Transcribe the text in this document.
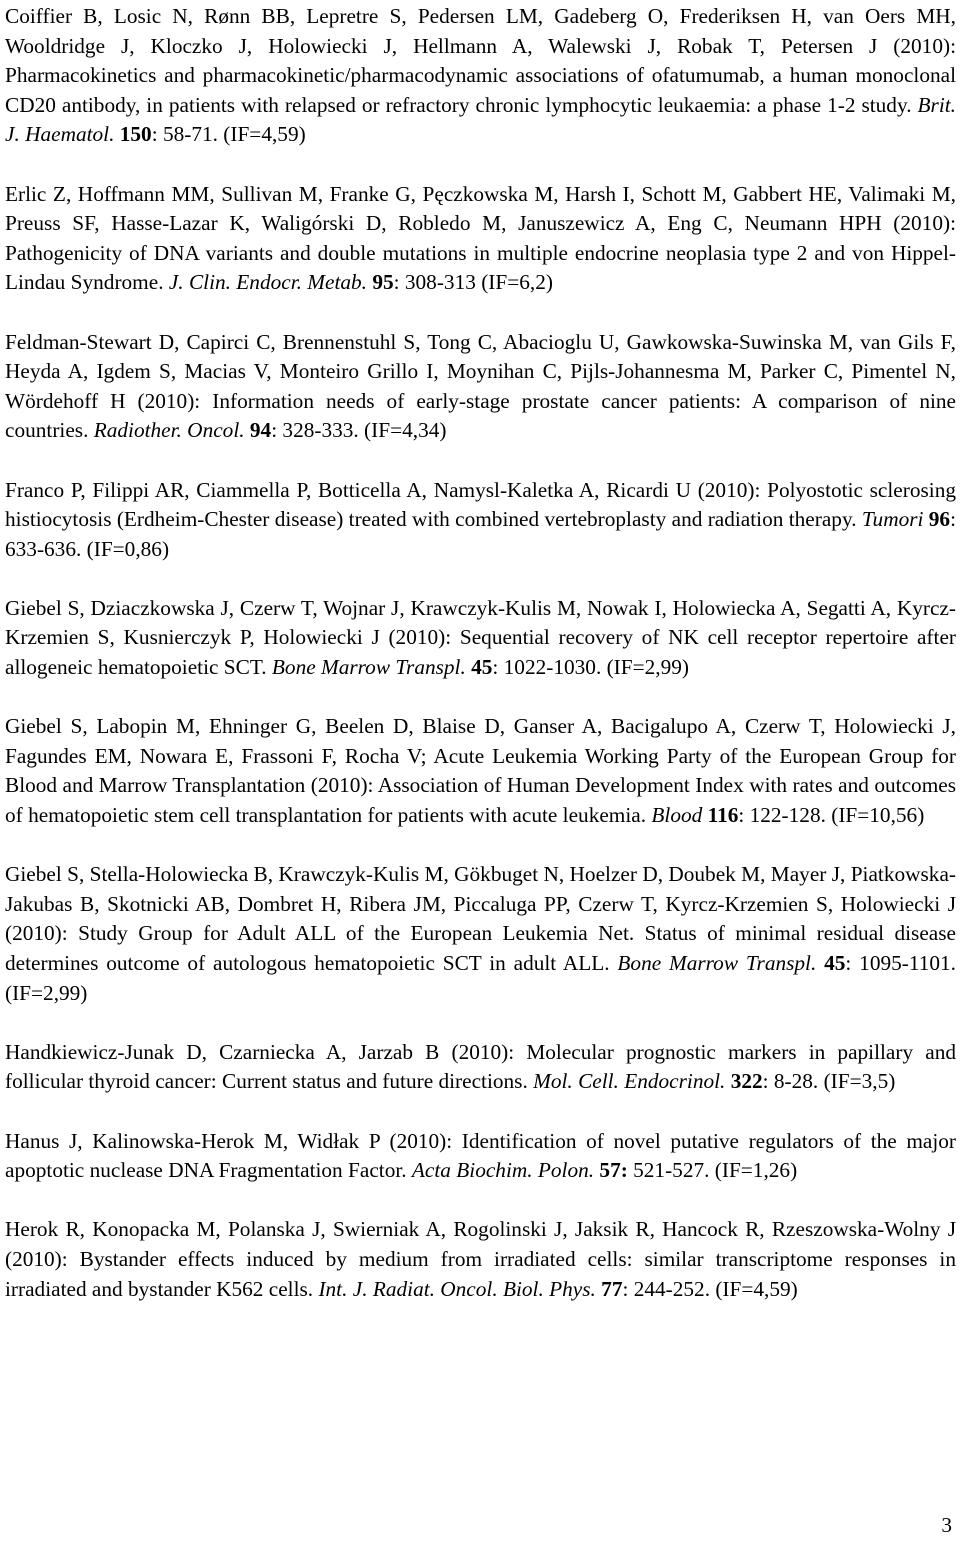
Coiffier B, Losic N, Rønn BB, Lepretre S, Pedersen LM, Gadeberg O, Frederiksen H, van Oers MH, Wooldridge J, Kloczko J, Holowiecki J, Hellmann A, Walewski J, Robak T, Petersen J (2010): Pharmacokinetics and pharmacokinetic/pharmacodynamic associations of ofatumumab, a human monoclonal CD20 antibody, in patients with relapsed or refractory chronic lymphocytic leukaemia: a phase 1-2 study. Brit. J. Haematol. 150: 58-71. (IF=4,59)

Erlic Z, Hoffmann MM, Sullivan M, Franke G, Pęczkowska M, Harsh I, Schott M, Gabbert HE, Valimaki M, Preuss SF, Hasse-Lazar K, Waligórski D, Robledo M, Januszewicz A, Eng C, Neumann HPH (2010): Pathogenicity of DNA variants and double mutations in multiple endocrine neoplasia type 2 and von Hippel-Lindau Syndrome. J. Clin. Endocr. Metab. 95: 308-313 (IF=6,2)

Feldman-Stewart D, Capirci C, Brennenstuhl S, Tong C, Abacioglu U, Gawkowska-Suwinska M, van Gils F, Heyda A, Igdem S, Macias V, Monteiro Grillo I, Moynihan C, Pijls-Johannesma M, Parker C, Pimentel N, Wördehoff H (2010): Information needs of early-stage prostate cancer patients: A comparison of nine countries. Radiother. Oncol. 94: 328-333. (IF=4,34)

Franco P, Filippi AR, Ciammella P, Botticella A, Namysl-Kaletka A, Ricardi U (2010): Polyostotic sclerosing histiocytosis (Erdheim-Chester disease) treated with combined vertebroplasty and radiation therapy. Tumori 96: 633-636. (IF=0,86)

Giebel S, Dziaczkowska J, Czerw T, Wojnar J, Krawczyk-Kulis M, Nowak I, Holowiecka A, Segatti A, Kyrcz-Krzemien S, Kusnierczyk P, Holowiecki J (2010): Sequential recovery of NK cell receptor repertoire after allogeneic hematopoietic SCT. Bone Marrow Transpl. 45: 1022-1030. (IF=2,99)

Giebel S, Labopin M, Ehninger G, Beelen D, Blaise D, Ganser A, Bacigalupo A, Czerw T, Holowiecki J, Fagundes EM, Nowara E, Frassoni F, Rocha V; Acute Leukemia Working Party of the European Group for Blood and Marrow Transplantation (2010): Association of Human Development Index with rates and outcomes of hematopoietic stem cell transplantation for patients with acute leukemia. Blood 116: 122-128. (IF=10,56)

Giebel S, Stella-Holowiecka B, Krawczyk-Kulis M, Gökbuget N, Hoelzer D, Doubek M, Mayer J, Piatkowska-Jakubas B, Skotnicki AB, Dombret H, Ribera JM, Piccaluga PP, Czerw T, Kyrcz-Krzemien S, Holowiecki J (2010): Study Group for Adult ALL of the European Leukemia Net. Status of minimal residual disease determines outcome of autologous hematopoietic SCT in adult ALL. Bone Marrow Transpl. 45: 1095-1101. (IF=2,99)

Handkiewicz-Junak D, Czarniecka A, Jarzab B (2010): Molecular prognostic markers in papillary and follicular thyroid cancer: Current status and future directions. Mol. Cell. Endocrinol. 322: 8-28. (IF=3,5)

Hanus J, Kalinowska-Herok M, Widłak P (2010): Identification of novel putative regulators of the major apoptotic nuclease DNA Fragmentation Factor. Acta Biochim. Polon. 57: 521-527. (IF=1,26)

Herok R, Konopacka M, Polanska J, Swierniak A, Rogolinski J, Jaksik R, Hancock R, Rzeszowska-Wolny J (2010): Bystander effects induced by medium from irradiated cells: similar transcriptome responses in irradiated and bystander K562 cells. Int. J. Radiat. Oncol. Biol. Phys. 77: 244-252. (IF=4,59)

3
